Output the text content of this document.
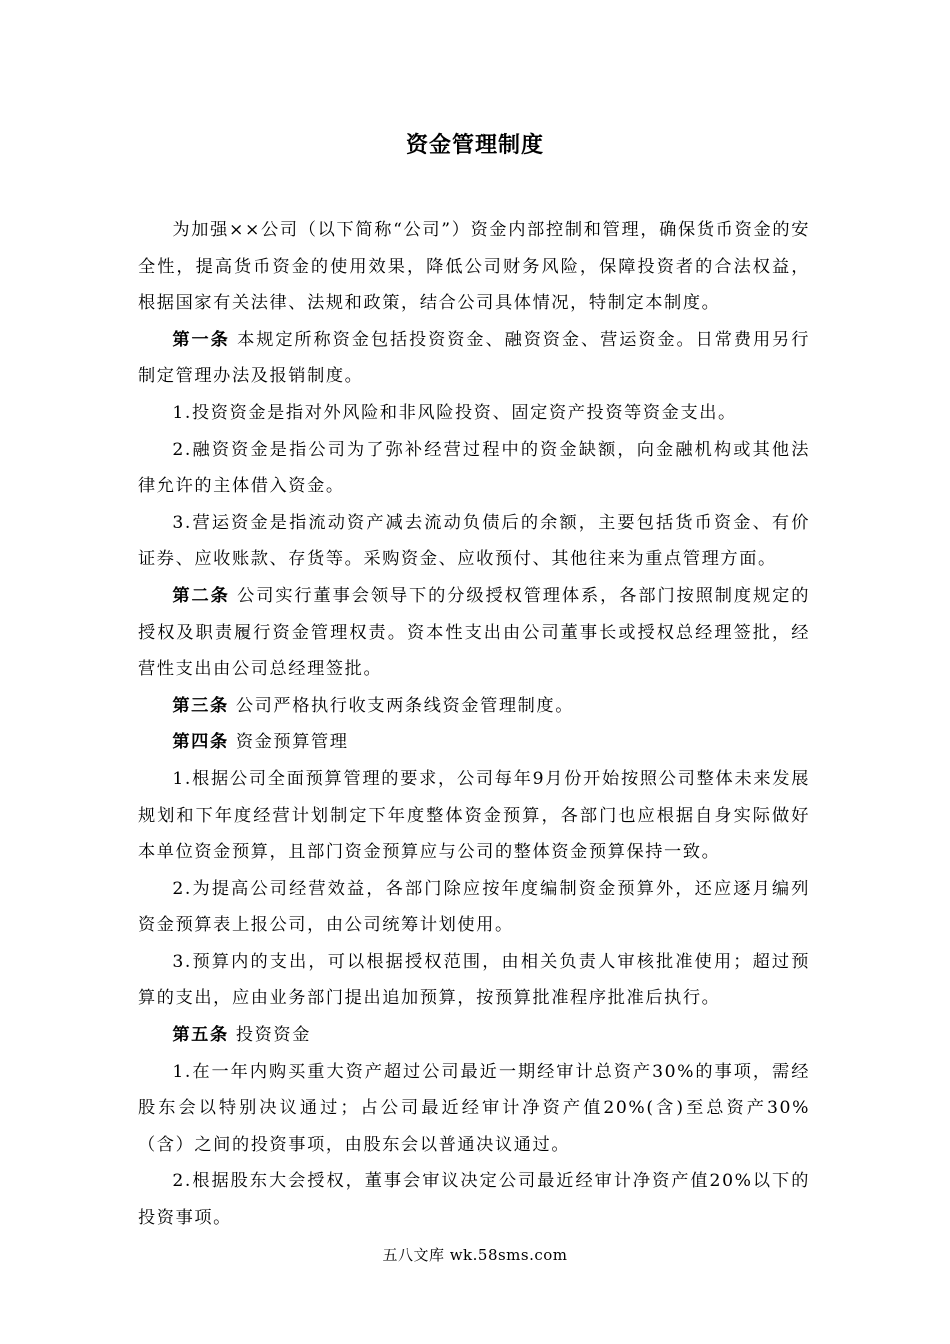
资金管理制度

为加强××公司（以下简称“公司”）资金内部控制和管理，确保货币资金的安全性，提高货币资金的使用效果，降低公司财务风险，保障投资者的合法权益，根据国家有关法律、法规和政策，结合公司具体情况，特制定本制度。

第一条 本规定所称资金包括投资资金、融资资金、营运资金。日常费用另行制定管理办法及报销制度。

1.投资资金是指对外风险和非风险投资、固定资产投资等资金支出。

2.融资资金是指公司为了弥补经营过程中的资金缺额，向金融机构或其他法律允许的主体借入资金。

3.营运资金是指流动资产减去流动负债后的余额，主要包括货币资金、有价证券、应收账款、存货等。采购资金、应收预付、其他往来为重点管理方面。

第二条 公司实行董事会领导下的分级授权管理体系，各部门按照制度规定的授权及职责履行资金管理权责。资本性支出由公司董事长或授权总经理签批，经营性支出由公司总经理签批。

第三条 公司严格执行收支两条线资金管理制度。

第四条 资金预算管理

1.根据公司全面预算管理的要求，公司每年9月份开始按照公司整体未来发展规划和下年度经营计划制定下年度整体资金预算，各部门也应根据自身实际做好本单位资金预算，且部门资金预算应与公司的整体资金预算保持一致。

2.为提高公司经营效益，各部门除应按年度编制资金预算外，还应逐月编列资金预算表上报公司，由公司统筹计划使用。

3.预算内的支出，可以根据授权范围，由相关负责人审核批准使用；超过预算的支出，应由业务部门提出追加预算，按预算批准程序批准后执行。

第五条 投资资金

1.在一年内购买重大资产超过公司最近一期经审计总资产30%的事项，需经股东会以特别决议通过；占公司最近经审计净资产值20%(含)至总资产30%（含）之间的投资事项，由股东会以普通决议通过。

2.根据股东大会授权，董事会审议决定公司最近经审计净资产值20%以下的投资事项。

五八文库 wk.58sms.com
